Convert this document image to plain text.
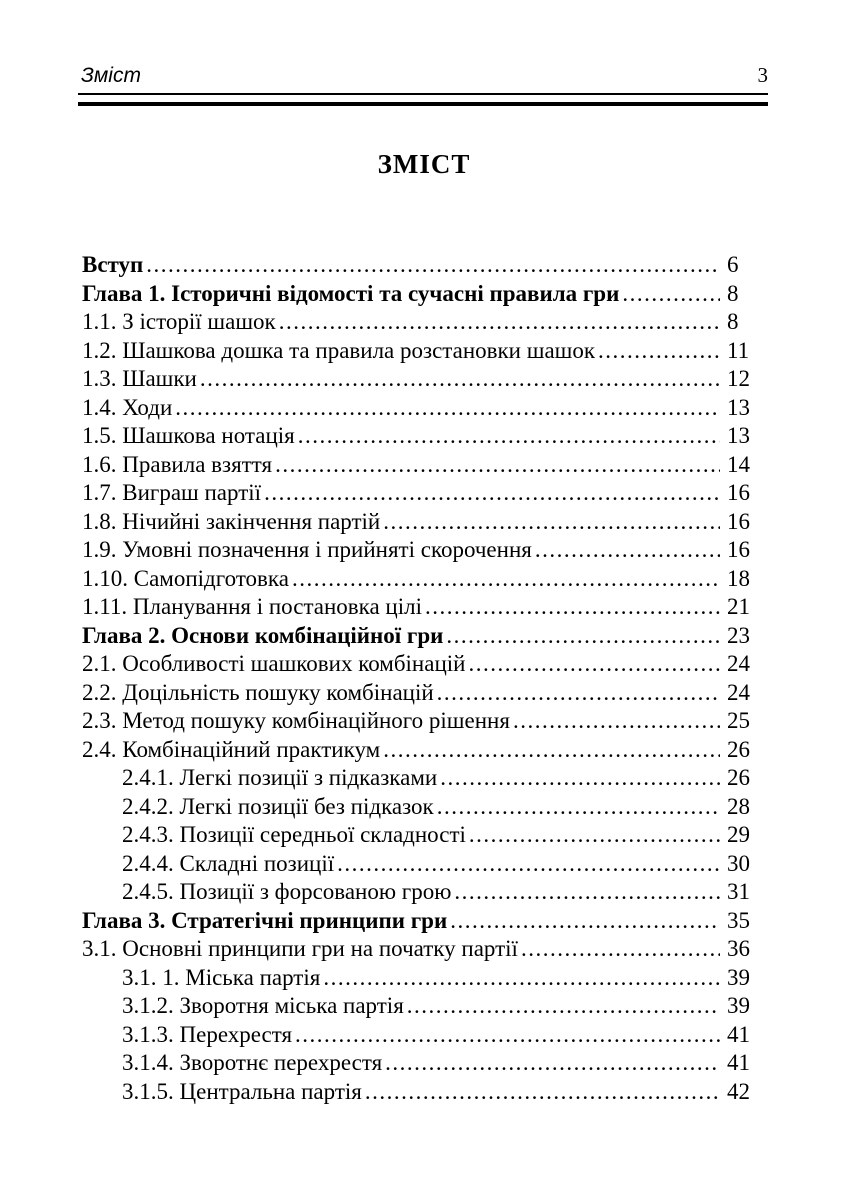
Зміст	3
ЗМІСТ
Вступ .....	6
Глава 1. Історичні відомості та сучасні правила гри .....	8
1.1. З історії шашок .....	8
1.2. Шашкова дошка та правила розстановки шашок .....	11
1.3. Шашки .....	12
1.4. Ходи .....	13
1.5. Шашкова нотація .....	13
1.6. Правила взяття .....	14
1.7. Виграш партії .....	16
1.8. Нічийні закінчення партій .....	16
1.9. Умовні позначення і прийняті скорочення .....	16
1.10. Самопідготовка .....	18
1.11. Планування і постановка цілі .....	21
Глава 2. Основи комбінаційної гри .....	23
2.1. Особливості шашкових комбінацій .....	24
2.2. Доцільність пошуку комбінацій .....	24
2.3. Метод пошуку комбінаційного рішення .....	25
2.4. Комбінаційний практикум .....	26
2.4.1. Легкі позиції з підказками .....	26
2.4.2. Легкі позиції без підказок .....	28
2.4.3. Позиції середньої складності .....	29
2.4.4. Складні позиції .....	30
2.4.5. Позиції з форсованою грою .....	31
Глава 3. Стратегічні принципи гри .....	35
3.1. Основні принципи гри на початку партії .....	36
3.1. 1. Міська партія .....	39
3.1.2. Зворотня міська партія .....	39
3.1.3. Перехрестя .....	41
3.1.4. Зворотнє перехрестя .....	41
3.1.5. Центральна партія .....	42
